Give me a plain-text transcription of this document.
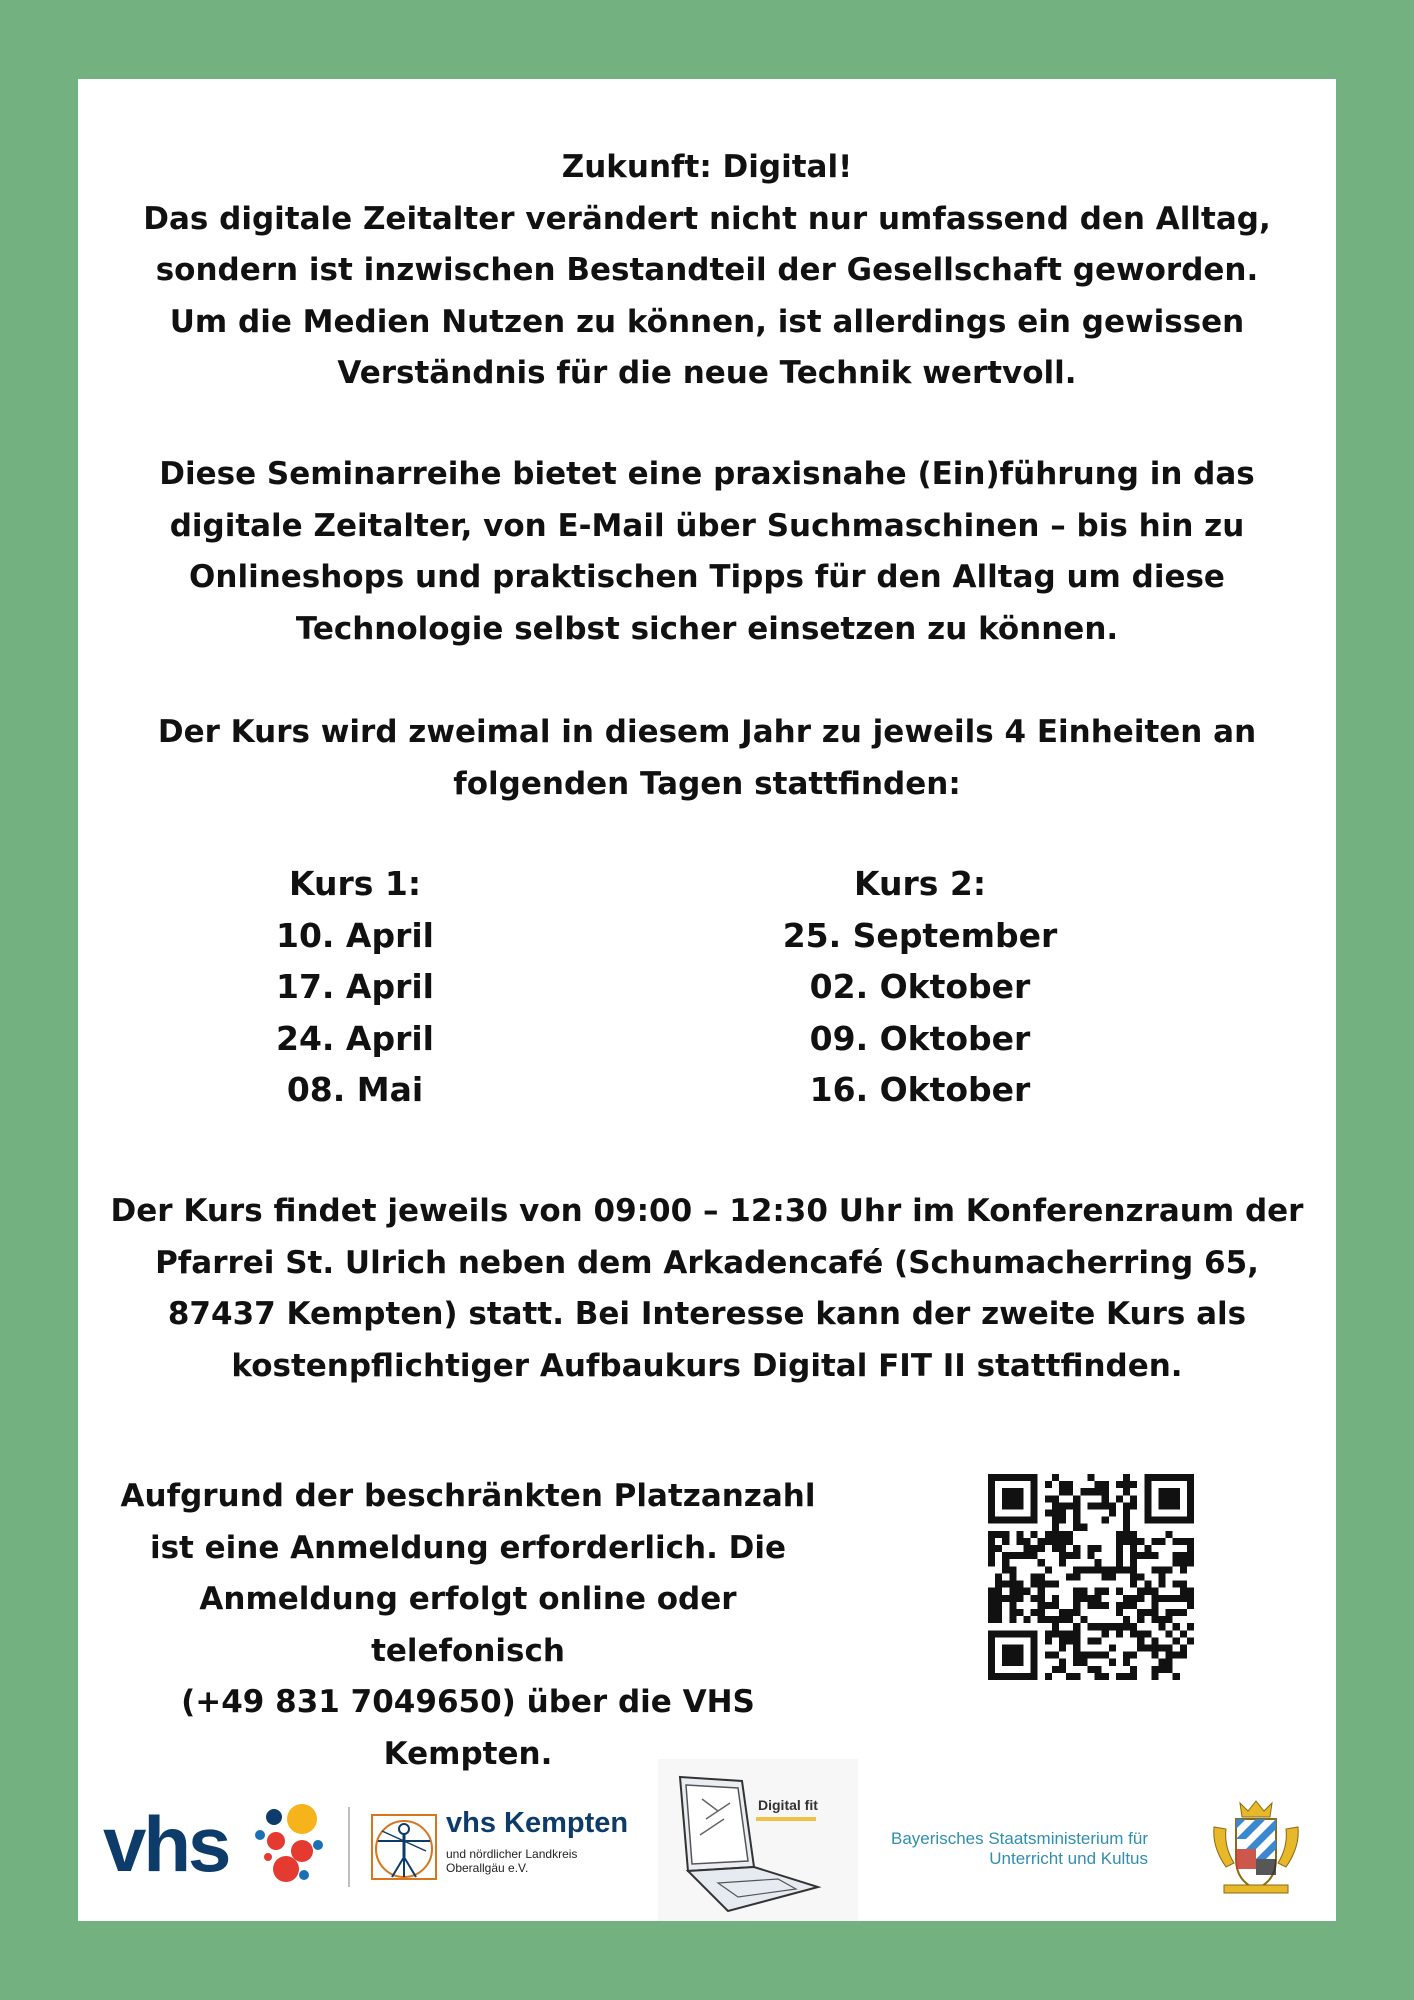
Zukunft: Digital!
Das digitale Zeitalter verändert nicht nur umfassend den Alltag,
sondern ist inzwischen Bestandteil der Gesellschaft geworden.
Um die Medien Nutzen zu können, ist allerdings ein gewissen
Verständnis für die neue Technik wertvoll.
Diese Seminarreihe bietet eine praxisnahe (Ein)führung in das
digitale Zeitalter, von E-Mail über Suchmaschinen – bis hin zu
Onlineshops und praktischen Tipps für den Alltag um diese
Technologie selbst sicher einsetzen zu können.
Der Kurs wird zweimal in diesem Jahr zu jeweils 4 Einheiten an
folgenden Tagen stattfinden:
Kurs 1:
10. April
17. April
24. April
08. Mai
Kurs 2:
25. September
02. Oktober
09. Oktober
16. Oktober
Der Kurs findet jeweils von 09:00 – 12:30 Uhr im Konferenzraum der
Pfarrei St. Ulrich neben dem Arkadencafé (Schumacherring 65,
87437 Kempten) statt. Bei Interesse kann der zweite Kurs als
kostenpflichtiger Aufbaukurs Digital FIT II stattfinden.
Aufgrund der beschränkten Platzanzahl
ist eine Anmeldung erforderlich. Die
Anmeldung erfolgt online oder telefonisch
(+49 831 7049650) über die VHS Kempten.
vhs	vhs Kempten
und nördlicher Landkreis
Oberallgäu e.V.
Digital fit
Bayerisches Staatsministerium für
Unterricht und Kultus
